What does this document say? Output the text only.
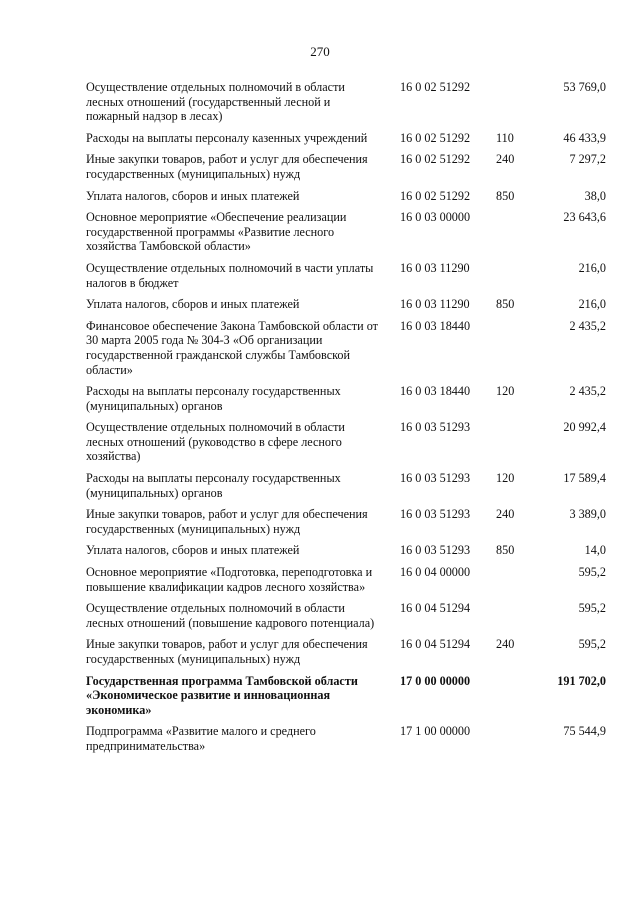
270
Осуществление отдельных полномочий в области лесных отношений (государственный лесной и пожарный надзор в лесах)	16 0 02 51292		53 769,0
Расходы на выплаты персоналу казенных учреждений	16 0 02 51292	110	46 433,9
Иные закупки товаров, работ и услуг для обеспечения государственных (муниципальных) нужд	16 0 02 51292	240	7 297,2
Уплата налогов, сборов и иных платежей	16 0 02 51292	850	38,0
Основное мероприятие «Обеспечение реализации государственной программы «Развитие лесного хозяйства Тамбовской области»	16 0 03 00000		23 643,6
Осуществление отдельных полномочий в части уплаты налогов в бюджет	16 0 03 11290		216,0
Уплата налогов, сборов и иных платежей	16 0 03 11290	850	216,0
Финансовое обеспечение Закона Тамбовской области от 30 марта 2005 года № 304-З «Об организации государственной гражданской службы Тамбовской области»	16 0 03 18440		2 435,2
Расходы на выплаты персоналу государственных (муниципальных) органов	16 0 03 18440	120	2 435,2
Осуществление отдельных полномочий в области лесных отношений (руководство в сфере лесного хозяйства)	16 0 03 51293		20 992,4
Расходы на выплаты персоналу государственных (муниципальных) органов	16 0 03 51293	120	17 589,4
Иные закупки товаров, работ и услуг для обеспечения государственных (муниципальных) нужд	16 0 03 51293	240	3 389,0
Уплата налогов, сборов и иных платежей	16 0 03 51293	850	14,0
Основное мероприятие «Подготовка, переподготовка и повышение квалификации кадров лесного хозяйства»	16 0 04 00000		595,2
Осуществление отдельных полномочий в области лесных отношений (повышение кадрового потенциала)	16 0 04 51294		595,2
Иные закупки товаров, работ и услуг для обеспечения государственных (муниципальных) нужд	16 0 04 51294	240	595,2
Государственная программа Тамбовской области «Экономическое развитие и инновационная экономика»	17 0 00 00000		191 702,0
Подпрограмма «Развитие малого и среднего предпринимательства»	17 1 00 00000		75 544,9
